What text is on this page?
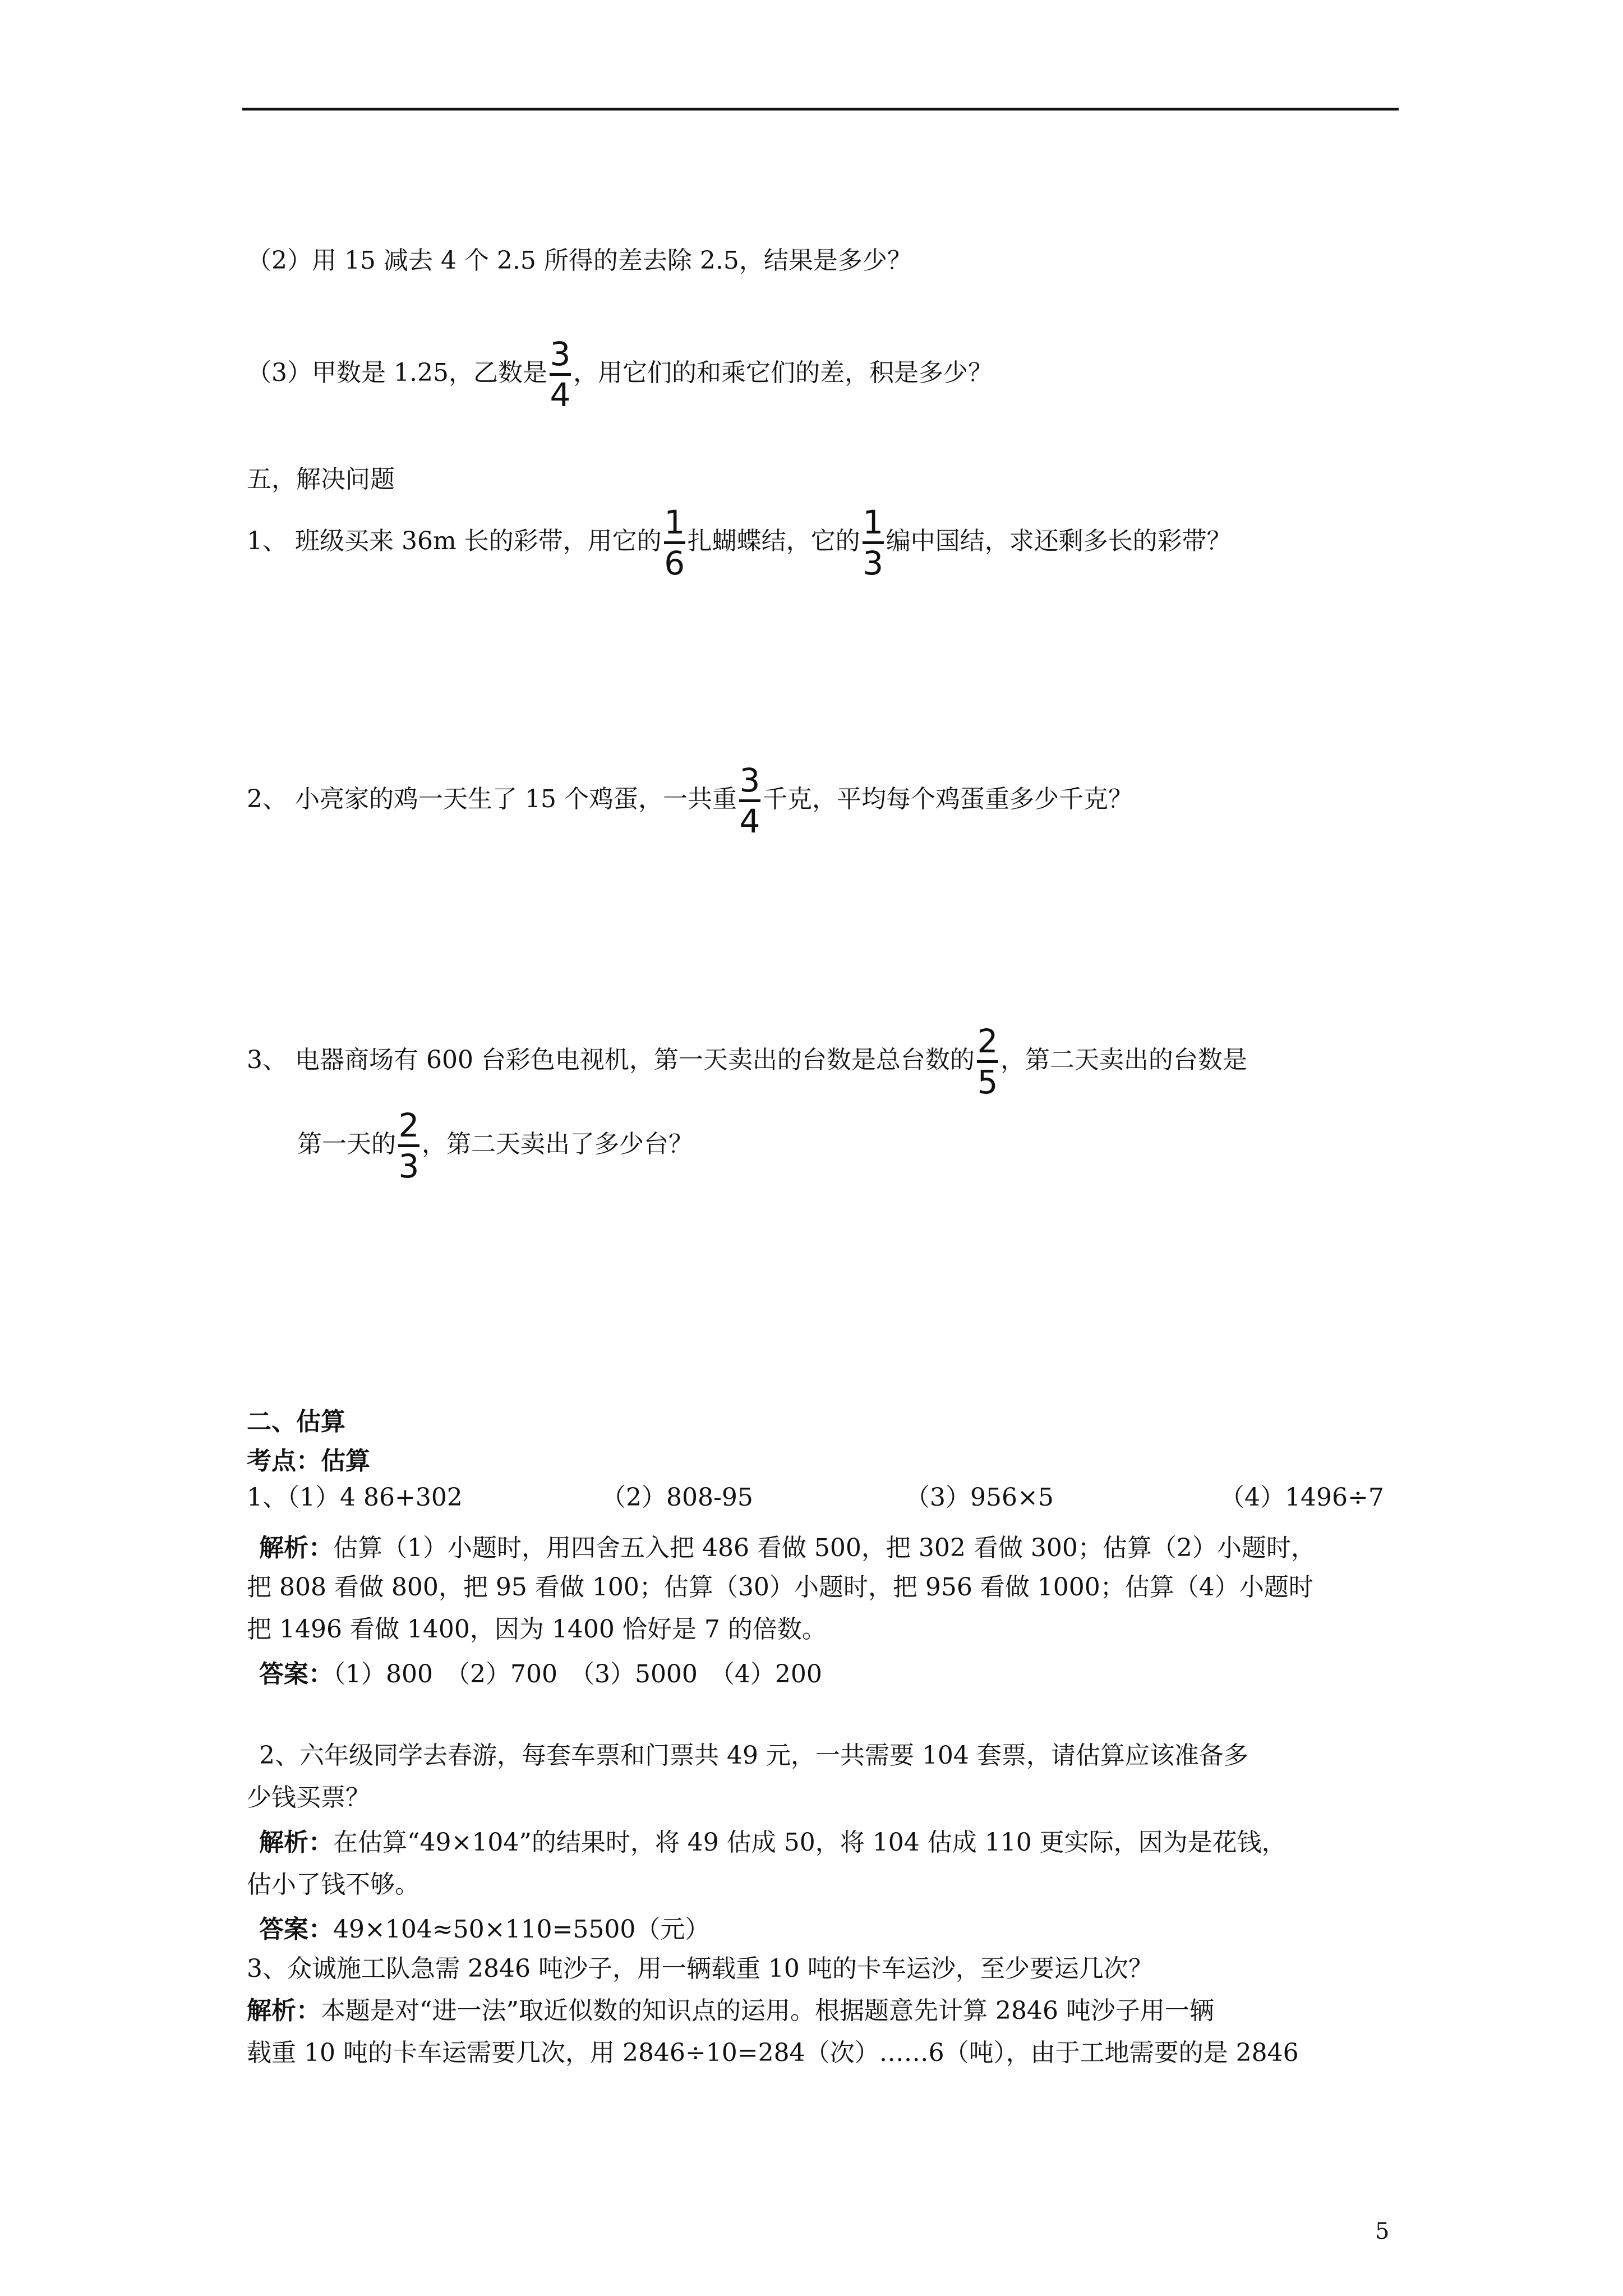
（2）用 15 减去 4 个 2.5 所得的差去除 2.5，结果是多少？
（3）甲数是 1.25，乙数是 3
4
，用它们的和乘它们的差，积是多少？
五，解决问题
1、 班级买来 36m 长的彩带，用它的 1
6
扎蝴蝶结，它的 1
3
编中国结，求还剩多长的彩带？
2、 小亮家的鸡一天生了 15 个鸡蛋，一共重 3
4
千克，平均每个鸡蛋重多少千克？
3、 电器商场有 600 台彩色电视机，第一天卖出的台数是总台数的 2
5
，第二天卖出的台数是
第一天的 2
3
，第二天卖出了多少台？
二、估算
考点：估算
1、（1）4 86+302	（2）808-95	（3）956×5	（4）1496÷7
解析：估算（1）小题时，用四舍五入把 486 看做 500，把 302 看做 300；估算（2）小题时，
把 808 看做 800，把 95 看做 100；估算（30）小题时，把 956 看做 1000；估算（4）小题时
把 1496 看做 1400，因为 1400 恰好是 7 的倍数。
答案：（1）800　（2）700　（3）5000　（4）200
2、六年级同学去春游，每套车票和门票共 49 元，一共需要 104 套票，请估算应该准备多
少钱买票？
解析：在估算“49×104”的结果时，将 49 估成 50，将 104 估成 110 更实际，因为是花钱，
估小了钱不够。
答案：49×104≈50×110=5500（元）
3、众诚施工队急需 2846 吨沙子，用一辆载重 10 吨的卡车运沙，至少要运几次？
解析：本题是对“进一法”取近似数的知识点的运用。根据题意先计算 2846 吨沙子用一辆
载重 10 吨的卡车运需要几次，用 2846÷10=284（次）……6（吨），由于工地需要的是 2846
5
